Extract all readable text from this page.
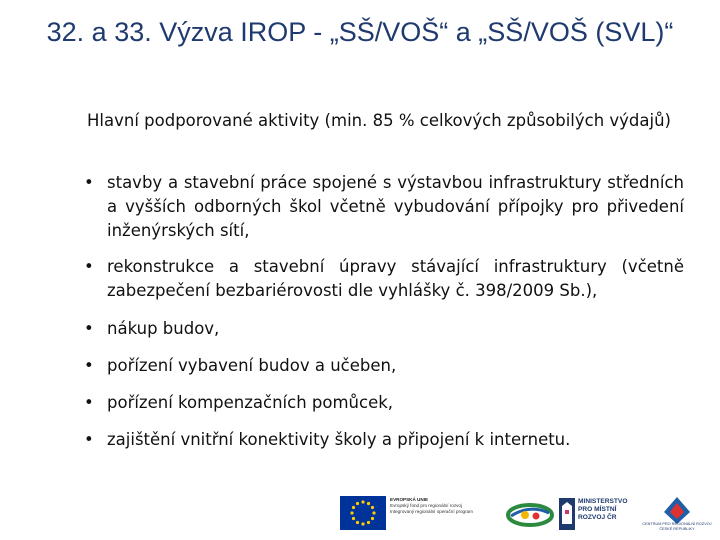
32. a 33. Výzva IROP - „SŠ/VOŠ“ a „SŠ/VOŠ (SVL)“
Hlavní podporované aktivity (min. 85 % celkových způsobilých výdajů)
• stavby a stavební práce spojené s výstavbou infrastruktury středních a vyšších odborných škol včetně vybudování přípojky pro přivedení inženýrských sítí,
• rekonstrukce a stavební úpravy stávající infrastruktury (včetně zabezpečení bezbariérovosti dle vyhlášky č. 398/2009 Sb.),
• nákup budov,
• pořízení vybavení budov a učeben,
• pořízení kompenzačních pomůcek,
• zajištění vnitřní konektivity školy a připojení k internetu.
EVROPSKÁ UNIE
Evropský fond pro regionální rozvoj
Integrovaný regionální operační program
MINISTERSTVO
PRO MÍSTNÍ
ROZVOJ ČR
CENTRUM PRO REGIONÁLNÍ ROZVOJ ČESKÉ REPUBLIKY
